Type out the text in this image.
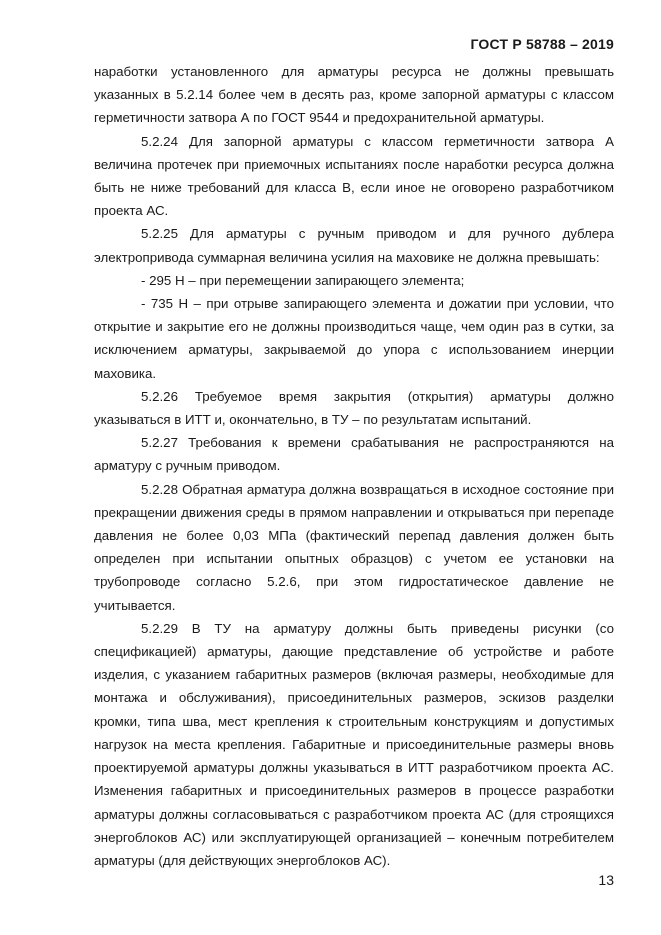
ГОСТ Р 58788 – 2019

наработки установленного для арматуры ресурса не должны превышать указанных в 5.2.14 более чем в десять раз, кроме запорной арматуры с классом герметичности затвора А по ГОСТ 9544 и предохранительной арматуры.

5.2.24 Для запорной арматуры с классом герметичности затвора А величина протечек при приемочных испытаниях после наработки ресурса должна быть не ниже требований для класса В, если иное не оговорено разработчиком проекта АС.

5.2.25 Для арматуры с ручным приводом и для ручного дублера электропривода суммарная величина усилия на маховике не должна превышать:

- 295 Н – при перемещении запирающего элемента;

- 735 Н – при отрыве запирающего элемента и дожатии при условии, что открытие и закрытие его не должны производиться чаще, чем один раз в сутки, за исключением арматуры, закрываемой до упора с использованием инерции маховика.

5.2.26 Требуемое время закрытия (открытия) арматуры должно указываться в ИТТ и, окончательно, в ТУ – по результатам испытаний.

5.2.27 Требования к времени срабатывания не распространяются на арматуру с ручным приводом.

5.2.28 Обратная арматура должна возвращаться в исходное состояние при прекращении движения среды в прямом направлении и открываться при перепаде давления не более 0,03 МПа (фактический перепад давления должен быть определен при испытании опытных образцов) с учетом ее установки на трубопроводе согласно 5.2.6, при этом гидростатическое давление не учитывается.

5.2.29 В ТУ на арматуру должны быть приведены рисунки (со спецификацией) арматуры, дающие представление об устройстве и работе изделия, с указанием габаритных размеров (включая размеры, необходимые для монтажа и обслуживания), присоединительных размеров, эскизов разделки кромки, типа шва, мест крепления к строительным конструкциям и допустимых нагрузок на места крепления. Габаритные и присоединительные размеры вновь проектируемой арматуры должны указываться в ИТТ разработчиком проекта АС. Изменения габаритных и присоединительных размеров в процессе разработки арматуры должны согласовываться с разработчиком проекта АС (для строящихся энергоблоков АС) или эксплуатирующей организацией – конечным потребителем арматуры (для действующих энергоблоков АС).

13
